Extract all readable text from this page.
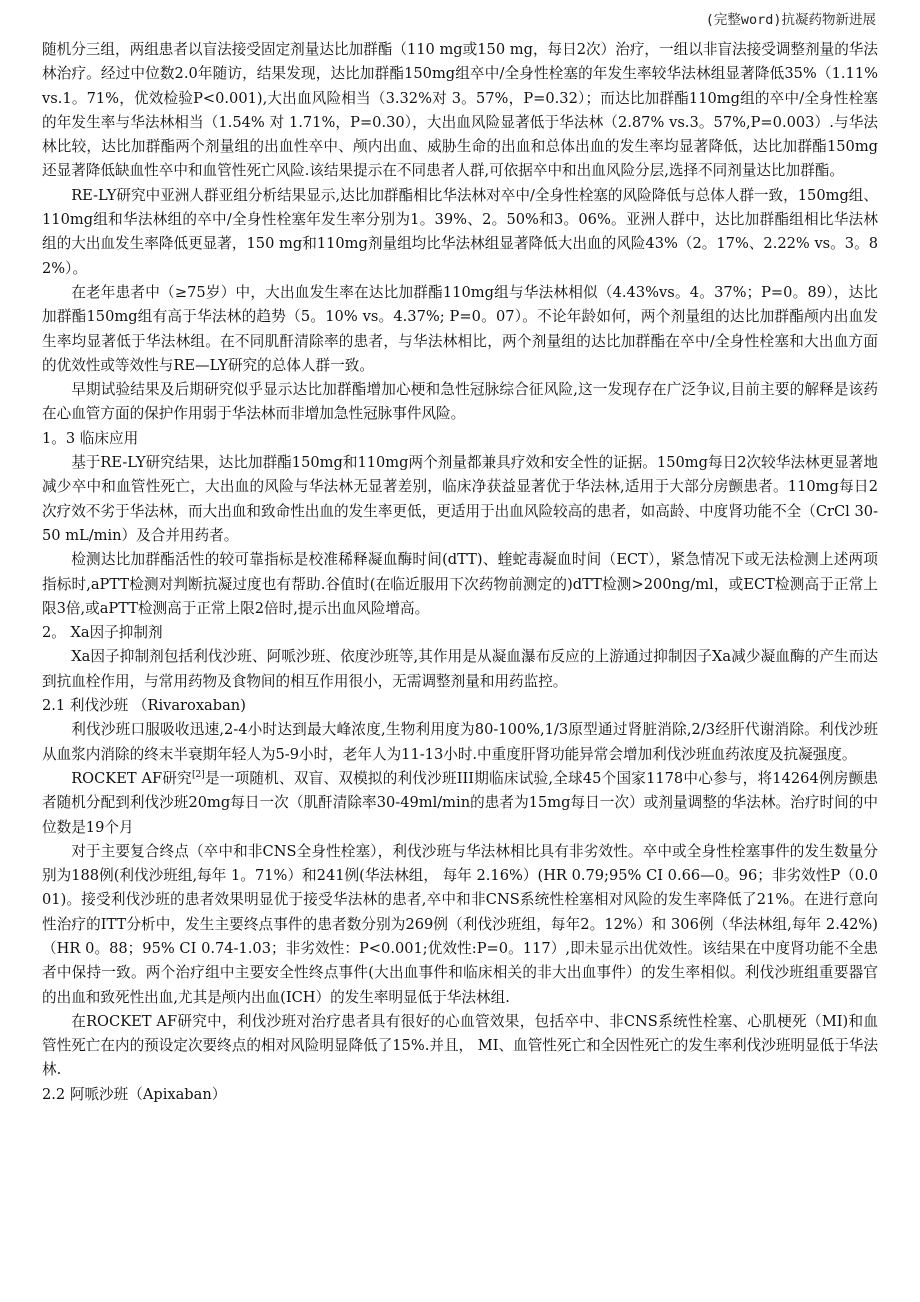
(完整word)抗凝药物新进展

随机分三组，两组患者以盲法接受固定剂量达比加群酯（110 mg或150 mg，每日2次）治疗，一组以非盲法接受调整剂量的华法林治疗。经过中位数2.0年随访，结果发现，达比加群酯150mg组卒中/全身性栓塞的年发生率较华法林组显著降低35%（1.11% vs.1。71%，优效检验P<0.001),大出血风险相当（3.32%对 3。57%，P=0.32）；而达比加群酯110mg组的卒中/全身性栓塞的年发生率与华法林相当（1.54% 对 1.71%，P=0.30），大出血风险显著低于华法林（2.87% vs.3。57%,P=0.003）.与华法林比较，达比加群酯两个剂量组的出血性卒中、颅内出血、威胁生命的出血和总体出血的发生率均显著降低，达比加群酯150mg还显著降低缺血性卒中和血管性死亡风险.该结果提示在不同患者人群,可依据卒中和出血风险分层,选择不同剂量达比加群酯。

RE-LY研究中亚洲人群亚组分析结果显示,达比加群酯相比华法林对卒中/全身性栓塞的风险降低与总体人群一致，150mg组、110mg组和华法林组的卒中/全身性栓塞年发生率分别为1。39%、2。50%和3。06%。亚洲人群中，达比加群酯组相比华法林组的大出血发生率降低更显著，150 mg和110mg剂量组均比华法林组显著降低大出血的风险43%（2。17%、2.22% vs。3。82%）。

在老年患者中（≥75岁）中，大出血发生率在达比加群酯110mg组与华法林相似（4.43%vs。4。37%；P=0。89），达比加群酯150mg组有高于华法林的趋势（5。10% vs。4.37%; P=0。07）。不论年龄如何，两个剂量组的达比加群酯颅内出血发生率均显著低于华法林组。在不同肌酐清除率的患者，与华法林相比，两个剂量组的达比加群酯在卒中/全身性栓塞和大出血方面的优效性或等效性与RE—LY研究的总体人群一致。

早期试验结果及后期研究似乎显示达比加群酯增加心梗和急性冠脉综合征风险,这一发现存在广泛争议,目前主要的解释是该药在心血管方面的保护作用弱于华法林而非增加急性冠脉事件风险。

1。3 临床应用

基于RE-LY研究结果，达比加群酯150mg和110mg两个剂量都兼具疗效和安全性的证据。150mg每日2次较华法林更显著地减少卒中和血管性死亡，大出血的风险与华法林无显著差别，临床净获益显著优于华法林,适用于大部分房颤患者。110mg每日2次疗效不劣于华法林，而大出血和致命性出血的发生率更低，更适用于出血风险较高的患者，如高龄、中度肾功能不全（CrCl 30-50 mL/min）及合并用药者。

检测达比加群酯活性的较可靠指标是校准稀释凝血酶时间(dTT)、蝰蛇毒凝血时间（ECT），紧急情况下或无法检测上述两项指标时,aPTT检测对判断抗凝过度也有帮助.谷值时(在临近服用下次药物前测定的)dTT检测>200ng/ml，或ECT检测高于正常上限3倍,或aPTT检测高于正常上限2倍时,提示出血风险增高。

2。 Xa因子抑制剂

Xa因子抑制剂包括利伐沙班、阿哌沙班、依度沙班等,其作用是从凝血瀑布反应的上游通过抑制因子Xa减少凝血酶的产生而达到抗血栓作用，与常用药物及食物间的相互作用很小，无需调整剂量和用药监控。

2.1 利伐沙班 （Rivaroxaban)

利伐沙班口服吸收迅速,2-4小时达到最大峰浓度,生物利用度为80-100%,1/3原型通过肾脏消除,2/3经肝代谢消除。利伐沙班从血浆内消除的终末半衰期年轻人为5-9小时，老年人为11-13小时.中重度肝肾功能异常会增加利伐沙班血药浓度及抗凝强度。

ROCKET AF研究[2]是一项随机、双盲、双模拟的利伐沙班III期临床试验,全球45个国家1178中心参与，将14264例房颤患者随机分配到利伐沙班20mg每日一次（肌酐清除率30-49ml/min的患者为15mg每日一次）或剂量调整的华法林。治疗时间的中位数是19个月

对于主要复合终点（卒中和非CNS全身性栓塞），利伐沙班与华法林相比具有非劣效性。卒中或全身性栓塞事件的发生数量分别为188例(利伐沙班组,每年 1。71%）和241例(华法林组， 每年 2.16%）(HR 0.79;95% CI 0.66—0。96；非劣效性P（0.001)。接受利伐沙班的患者效果明显优于接受华法林的患者,卒中和非CNS系统性栓塞相对风险的发生率降低了21%。在进行意向性治疗的ITT分析中，发生主要终点事件的患者数分别为269例（利伐沙班组，每年2。12%）和 306例（华法林组,每年 2.42%)（HR 0。88；95% CI 0.74-1.03；非劣效性：P<0.001;优效性:P=0。117）,即未显示出优效性。该结果在中度肾功能不全患者中保持一致。两个治疗组中主要安全性终点事件(大出血事件和临床相关的非大出血事件）的发生率相似。利伐沙班组重要器官的出血和致死性出血,尤其是颅内出血(ICH）的发生率明显低于华法林组.

在ROCKET AF研究中，利伐沙班对治疗患者具有很好的心血管效果，包括卒中、非CNS系统性栓塞、心肌梗死（MI)和血管性死亡在内的预设定次要终点的相对风险明显降低了15%.并且， MI、血管性死亡和全因性死亡的发生率利伐沙班明显低于华法林.

2.2 阿哌沙班（Apixaban）
